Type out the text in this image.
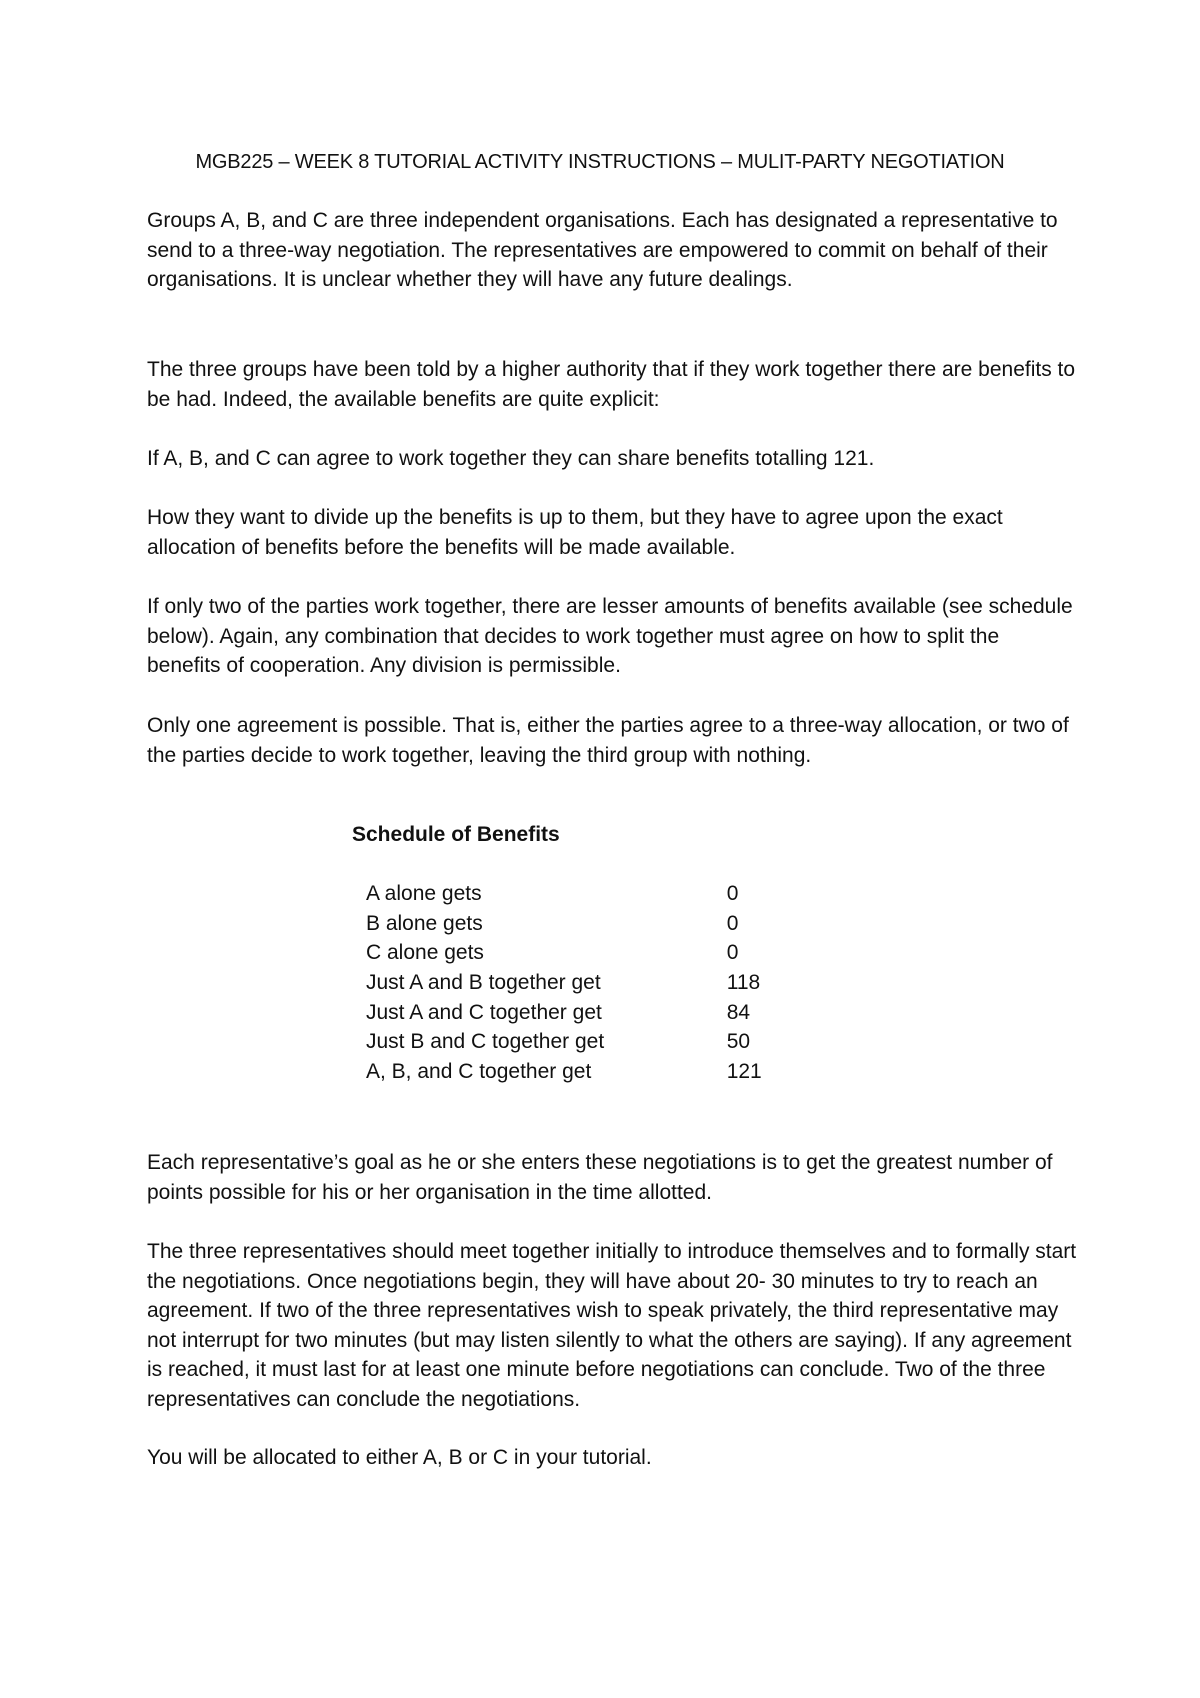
MGB225 – WEEK 8 TUTORIAL ACTIVITY INSTRUCTIONS – MULIT-PARTY NEGOTIATION

Groups A, B, and C are three independent organisations. Each has designated a representative to send to a three-way negotiation. The representatives are empowered to commit on behalf of their organisations. It is unclear whether they will have any future dealings.

The three groups have been told by a higher authority that if they work together there are benefits to be had. Indeed, the available benefits are quite explicit:

If A, B, and C can agree to work together they can share benefits totalling 121.

How they want to divide up the benefits is up to them, but they have to agree upon the exact allocation of benefits before the benefits will be made available.

If only two of the parties work together, there are lesser amounts of benefits available (see schedule below). Again, any combination that decides to work together must agree on how to split the benefits of cooperation. Any division is permissible.

Only one agreement is possible. That is, either the parties agree to a three-way allocation, or two of the parties decide to work together, leaving the third group with nothing.

Schedule of Benefits
A alone gets	0
B alone gets	0
C alone gets	0
Just A and B together get	118
Just A and C together get	84
Just B and C together get	50
A, B, and C together get	121

Each representative’s goal as he or she enters these negotiations is to get the greatest number of points possible for his or her organisation in the time allotted.

The three representatives should meet together initially to introduce themselves and to formally start the negotiations. Once negotiations begin, they will have about 20- 30 minutes to try to reach an agreement. If two of the three representatives wish to speak privately, the third representative may not interrupt for two minutes (but may listen silently to what the others are saying). If any agreement is reached, it must last for at least one minute before negotiations can conclude. Two of the three representatives can conclude the negotiations.

You will be allocated to either A, B or C in your tutorial.
